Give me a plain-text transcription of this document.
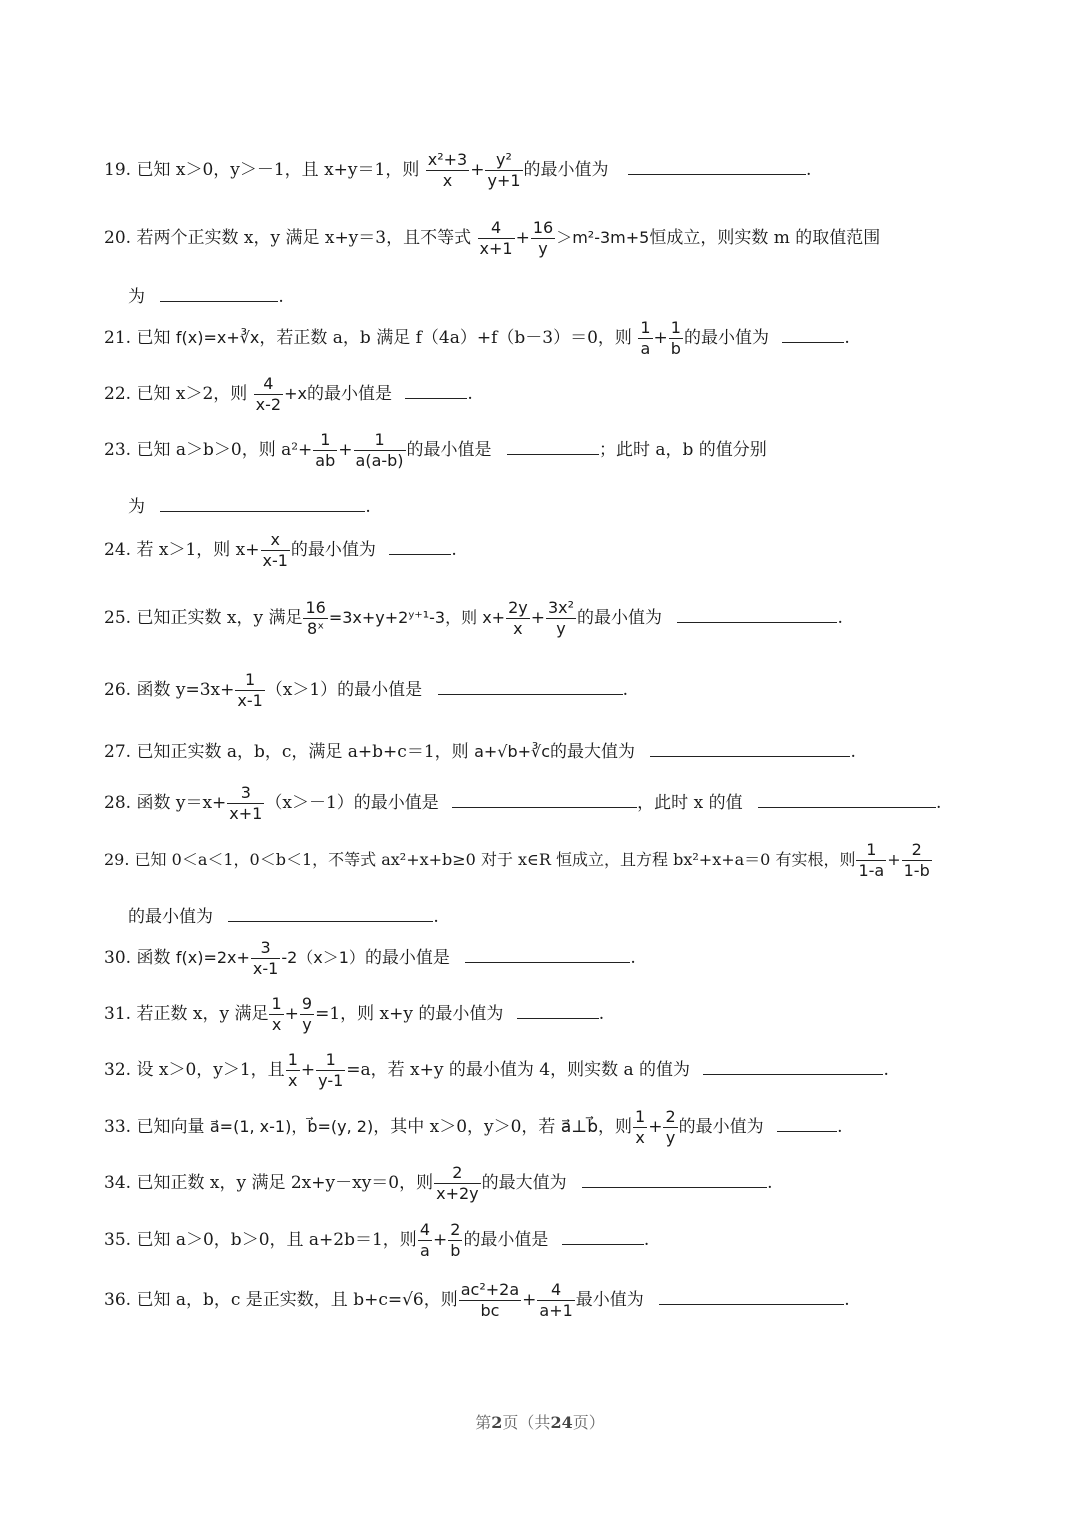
19. 已知 x＞0，y＞－1，且 x+y＝1，则 $\frac{\text{x²+3}}{x} + \frac{\text{y²}}{y+1}$ 的最小值为	.
20. 若两个正实数 x，y 满足 x+y＝3，且不等式 $\frac{4}{x+1} + \frac{16}{y} >m^2-3m+5$恒成立，则实数 m 的取值范围
为	.
21. 已知 f(x)=x+∛x，若正数 a，b 满足 f（4a）+f（b－3）＝0，则 $\frac{1}{a} + \frac{1}{b}$ 的最小值为	.
22. 已知 x＞2，则 $\frac{4}{x-2} +x$的最小值是	.
23. 已知 a＞b＞0，则 $a^2+ \frac{1}{ab} + \frac{1}{a(a-b)}$ 的最小值是	；此时 a，b 的值分别
为	.
24. 若 x＞1，则 $x+ \frac{x}{x-1}$ 的最小值为	.
25. 已知正实数 x，y 满足 $\frac{16}{\text{8ˣ}}$ =3x+y+2ʸ⁺¹-3，则 $x+ \frac{2y}{x} + \frac{\text{3x²}}{y}$ 的最小值为	.
26. 函数 $y=3x+ \frac{1}{x-1} (x>1)$的最小值是	.
27. 已知正实数 a，b，c，满足 a+b+c＝1，则 a+√b+∛c的最大值为	.
28. 函数 $y=x+ \frac{3}{x+1} (x>-1)$的最小值是	，此时 x 的值	.
29. 已知 0＜a＜1，0＜b＜1，不等式 ax²+x+b≥0 对于 x∈R 恒成立，且方程 bx²+x+a＝0 有实根，则 $\frac{1}{1-a} + \frac{2}{1-b}$
的最小值为	.
30. 函数 $f(x)=2x+ \frac{3}{x-1} -2(x>1)$的最小值是	.
31. 若正数 x，y 满足 $\frac{1}{x} + \frac{9}{y} =1$，则 x+y 的最小值为	.
32. 设 x＞0，y＞1，且 $\frac{1}{x} + \frac{1}{y-1} =a$，若 x+y 的最小值为 4，则实数 a 的值为	.
33. 已知向量 a⃗=(1, x-1)，b⃗=(y, 2)，其中 x＞0，y＞0，若 a⃗⊥b⃗，则 $\frac{1}{x} + \frac{2}{y}$ 的最小值为	.
34. 已知正数 x，y 满足 2x+y－xy＝0，则 $\frac{2}{x+2y}$ 的最大值为	.
35. 已知 a＞0，b＞0，且 a+2b＝1，则 $\frac{4}{a} + \frac{2}{b}$ 的最小值是	.
36. 已知 a，b，c 是正实数，且 b+c=√6，则 $\frac{\text{ac²+2a}}{bc} + \frac{4}{a+1}$ 最小值为	.
第2页（共24页）
